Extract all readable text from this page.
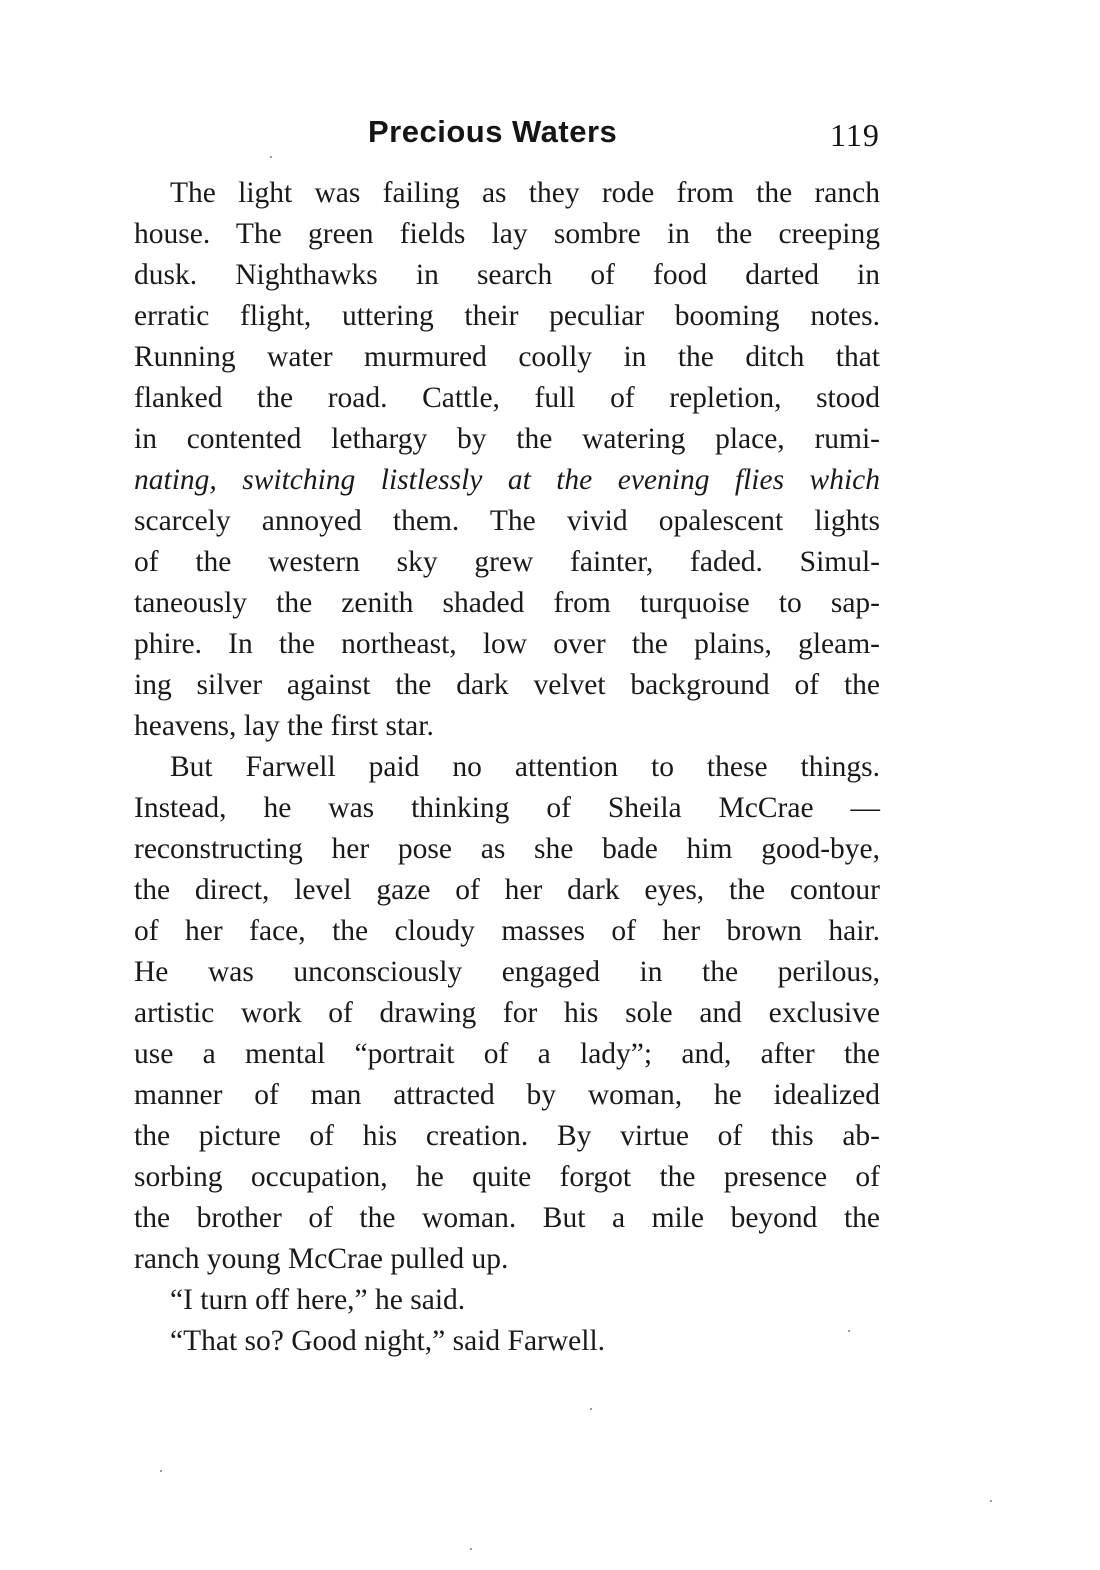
Precious Waters	119
The light was failing as they rode from the ranch
house. The green fields lay sombre in the creeping
dusk. Nighthawks in search of food darted in
erratic flight, uttering their peculiar booming notes.
Running water murmured coolly in the ditch that
flanked the road. Cattle, full of repletion, stood
in contented lethargy by the watering place, rumi-
nating, switching listlessly at the evening flies which
scarcely annoyed them. The vivid opalescent lights
of the western sky grew fainter, faded. Simul-
taneously the zenith shaded from turquoise to sap-
phire. In the northeast, low over the plains, gleam-
ing silver against the dark velvet background of the
heavens, lay the first star.
But Farwell paid no attention to these things.
Instead, he was thinking of Sheila McCrae —
reconstructing her pose as she bade him good-bye,
the direct, level gaze of her dark eyes, the contour
of her face, the cloudy masses of her brown hair.
He was unconsciously engaged in the perilous,
artistic work of drawing for his sole and exclusive
use a mental “portrait of a lady”; and, after the
manner of man attracted by woman, he idealized
the picture of his creation. By virtue of this ab-
sorbing occupation, he quite forgot the presence of
the brother of the woman. But a mile beyond the
ranch young McCrae pulled up.
“I turn off here,” he said.
“That so? Good night,” said Farwell.
